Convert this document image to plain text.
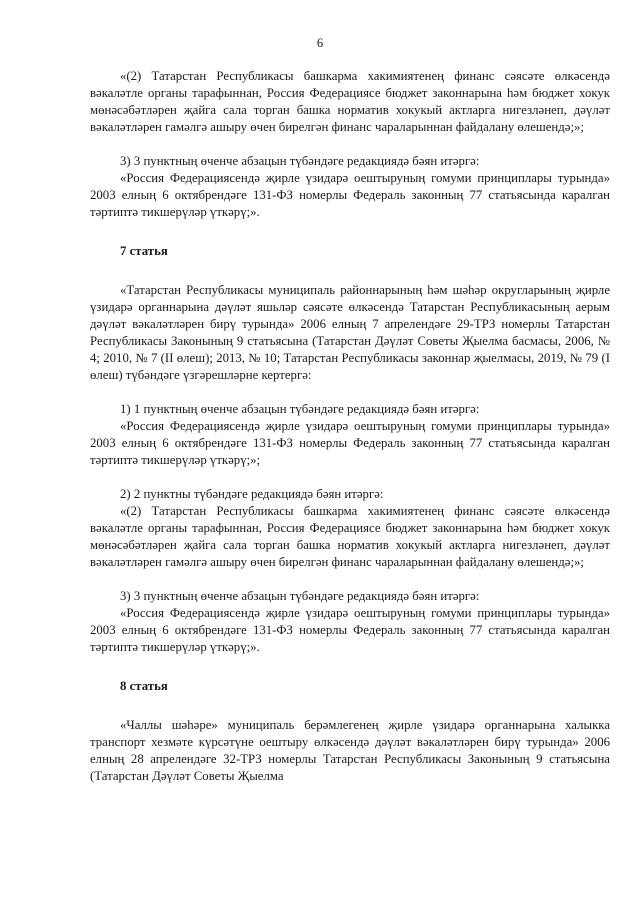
6

«(2) Татарстан Республикасы башкарма хакимиятенең финанс сәясәте өлкәсендә вәкаләтле органы тарафыннан, Россия Федерациясе бюджет законнарына һәм бюджет хокук мөнәсәбәтләрен җайга сала торган башка норматив хокукый актларга нигезләнеп, дәүләт вәкаләтләрен гамәлгә ашыру өчен бирелгән финанс чараларыннан файдалану өлешендә;»;

3) 3 пунктның өченче абзацын түбәндәге редакциядә бәян итәргә:

«Россия Федерациясендә җирле үзидарә оештыруның гомуми принциплары турында» 2003 елның 6 октябрендәге 131-ФЗ номерлы Федераль законның 77 статьясында каралган тәртиптә тикшерүләр үткәрү;».

7 статья

«Татарстан Республикасы муниципаль районнарының һәм шәһәр округларының җирле үзидарә органнарына дәүләт яшьләр сәясәте өлкәсендә Татарстан Республикасының аерым дәүләт вәкаләтләрен бирү турында» 2006 елның 7 апрелендәге 29-ТРЗ номерлы Татарстан Республикасы Законының 9 статьясына (Татарстан Дәүләт Советы Җыелма басмасы, 2006, № 4; 2010, № 7 (II өлеш); 2013, № 10; Татарстан Республикасы законнар җыелмасы, 2019, № 79 (I өлеш) түбәндәге үзгәрешләрне кертергә:

1) 1 пунктның өченче абзацын түбәндәге редакциядә бәян итәргә:

«Россия Федерациясендә җирле үзидарә оештыруның гомуми принциплары турында» 2003 елның 6 октябрендәге 131-ФЗ номерлы Федераль законның 77 статьясында каралган тәртиптә тикшерүләр үткәрү;»;

2) 2 пунктны түбәндәге редакциядә бәян итәргә:

«(2) Татарстан Республикасы башкарма хакимиятенең финанс сәясәте өлкәсендә вәкаләтле органы тарафыннан, Россия Федерациясе бюджет законнарына һәм бюджет хокук мөнәсәбәтләрен җайга сала торган башка норматив хокукый актларга нигезләнеп, дәүләт вәкаләтләрен гамәлгә ашыру өчен бирелгән финанс чараларыннан файдалану өлешендә;»;

3) 3 пунктның өченче абзацын түбәндәге редакциядә бәян итәргә:

«Россия Федерациясендә җирле үзидарә оештыруның гомуми принциплары турында» 2003 елның 6 октябрендәге 131-ФЗ номерлы Федераль законның 77 статьясында каралган тәртиптә тикшерүләр үткәрү;».

8 статья

«Чаллы шәһәре» муниципаль берәмлегенең җирле үзидарә органнарына халыкка транспорт хезмәте күрсәтүне оештыру өлкәсендә дәүләт вәкаләтләрен бирү турында» 2006 елның 28 апрелендәге 32-ТРЗ номерлы Татарстан Республикасы Законының 9 статьясына (Татарстан Дәүләт Советы Җыелма
